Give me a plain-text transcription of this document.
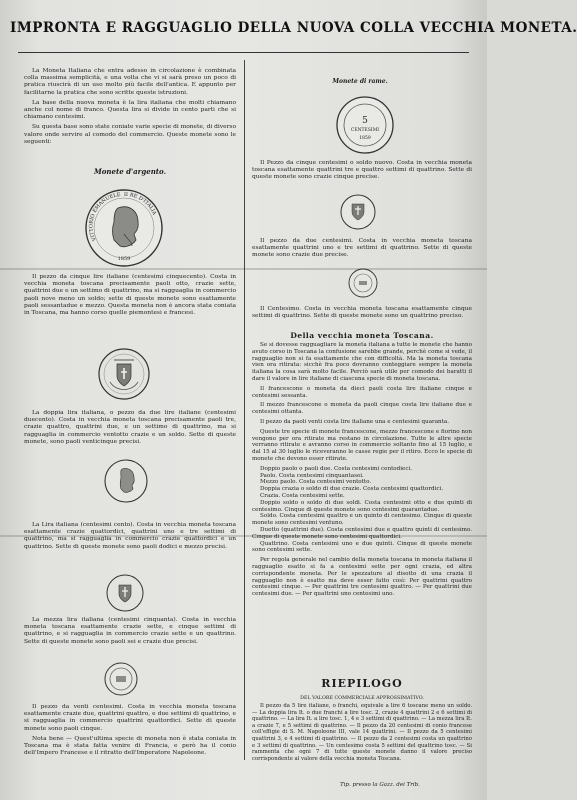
IMPRONTA E RAGGUAGLIO DELLA NUOVA COLLA VECCHIA MONETA.

La Moneta Italiana che entra adesso in circolazione è combinata colla massima semplicità, e una volta che vi si sarà preso un poco di pratica riuscirà di un uso molto più facile dell'antica. E appunto per facilitarne la pratica che sono scritte queste istruzioni.

La base della nuova moneta è la lira italiana che molti chiamano anche col nome di franco. Questa lira si divide in cento parti che si chiamano centesimi.

Su questa base sono state coniate varie specie di monete, di diverso valore onde servire al comodo del commercio. Queste monete sono le seguenti:

Monete d'argento.
VITTORIO EMANUELE II RE D'ITALIA
1859

Il pezzo da cinque lire italiane (centesimi cinquecento). Costa in vecchia moneta toscana precisamente paoli otto, crazie sette, quattrini due e un settimo di quattrino, ma si ragguaglia in commercio paoli nove meno un soldo; sette di queste monete sono esattamente paoli sessantadue e mezzo. Questa moneta non è ancora stata coniata in Toscana, ma hanno corso quelle piemontesi e francesi.

La doppia lira italiana, o pezzo da due lire italiane (centesimi duecento). Costa in vecchia moneta toscana precisamente paoli tre, crazie quattro, quattrini due, e un settimo di quattrino, ma si ragguaglia in commercio ventotto crazie e un soldo. Sette di queste monete, sono paoli venticinque precisi.

La Lira italiana (centesimi cento). Costa in vecchia moneta toscana esattamente crazie quattordici, quattrini uno e tre settimi di quattrino, ma si ragguaglia in commercio crazie quattordici e un quattrino. Sette di queste monete sono paoli dodici e mezzo precisi.

La mezza lira italiana (centesimi cinquanta). Costa in vecchia moneta toscana esattamente crazie sette, e cinque settimi di quattrino, e si ragguaglia in commercio crazie sette e un quattrino. Sette di queste monete sono paoli sei e crazie due precisi.

Il pezzo da venti centesimi. Costa in vecchia moneta toscana esattamente crazie due, quattrini quattro, e due settimi di quattrino, e si ragguaglia in commercio quattrini quattordici. Sette di queste monete sono paoli cinque.

Nota bene — Quest'ultima specie di moneta non è stata coniata in Toscana ma è stata fatta venire di Francia, e però ha il conio dell'Impero Francese e il ritratto dell'Imperatore Napoleone.

Monete di rame.
5
CENTESIMI
1859

Il Pezzo da cinque centesimi o soldo nuovo. Costa in vecchia moneta toscana esattamente quattrini tre e quattro settimi di quattrino. Sette di queste monete sono crazie cinque precise.

Il pezzo da due centesimi. Costa in vecchia moneta toscana esattamente quattrini uno e tre settimi di quattrino. Sette di queste monete sono crazie due precise.

Il Centesimo. Costa in vecchia moneta toscana esattamente cinque settimi di quattrino. Sette di queste monete sono un quattrino preciso.

Della vecchia moneta Toscana.

Se si dovesse ragguagliare la moneta italiana a tutte le monete che hanno avuto corso in Toscana la confusione sarebbe grande, perchè come si vede, il ragguaglio non si fa esattamente che con difficoltà. Ma la moneta toscana vien ora ritirata: sicchè fra poco dovranno conteggiare sempre la moneta italiana la cosa sarà molto facile. Perciò sarà utile per comodo dei baratti il dare il valore in lire italiane di ciascuna specie di moneta toscana.

Il francescone o moneta da dieci paoli costa lire italiane cinque e centesimi sessanta.

Il mezzo francescone o moneta da paoli cinque costa lire italiane due e centesimi ottanta.

Il pezzo da paoli venti costa lire italiane una e centesimi quaranta.

Queste tre specie di monete francescone, mezzo francescone e fiorino non vengono per ora ritirate ma restano in circolazione. Tutte le altre specie verranno ritirate e avranno corso in commercio soltanto fino al 15 luglio, e dal 15 al 30 luglio le riceveranno le casse regie per il ritiro. Ecco le specie di monete che devono esser ritirate.

Doppio paolo o paoli due. Costa centesimi centodieci.

Paolo. Costa centesimi cinquantasei.

Mezzo paolo. Costa centesimi ventotto.

Doppia crazia o soldo di due crazie. Costa centesimi quattordici.

Crazia. Costa centesimi sette.

Doppio soldo o soldo di due soldi. Costa centesimi otto e due quinti di centesimo. Cinque di queste monete sono centesimi quarantadue.

Soldo. Costa centesimi quattro e un quinto di centesimo. Cinque di queste monete sono centesimi ventuno.

Duetto (quattrini due). Costa centesimi due e quattro quinti di centesimo. Cinque di queste monete sono centesimi quattordici.

Quattrino. Costa centesimi uno e due quinti. Cinque di queste monete sono centesimi sette.

Per regola generale nel cambio della moneta toscana in moneta italiana il ragguaglio esatto si fa a centesimi sette per ogni crazia, ed altra corrispondente moneta. Per le spezzature al disotto di una crazia il ragguaglio non è esatto ma deve esser fatto così: Per quattrini quattro centesimi cinque. — Per quattrini tre centesimi quattro. — Per quattrini due centesimi due. — Per quattrini uno centesimi uno.

RIEPILOGO
DEL VALORE COMMERCIALE APPROSSIMATIVO.

Il pezzo da 5 lire italiane, o franchi, equivale a lire 6 toscane meno un soldo. — La doppia lira It. o due franchi a lire tosc. 2, crazie 4 quattrini 2 e 6 settimi di quattrino. — La lira It. a lire tosc. 1, 4 e 3 settimi di quattrino. — La mezza lira It. a crazie 7, e 5 settimi di quattrino. — Il pezzo da 20 centesimi di conio francese coll'effigie di S. M. Napoleone III, vale 14 quattrini. — Il pezzo da 5 centesimi quattrini 3, e 4 settimi di quattrino. — Il pezzo da 2 centesimi costa un quattrino e 3 settimi di quattrino. — Un centesimo costa 5 settimi del quattrino tosc. — Si rammenta che ogni 7 di tutte queste monete danno il valore preciso corrispondente al valore della vecchia moneta Toscana.

Tip. presso la Gazz. dei Trib.
